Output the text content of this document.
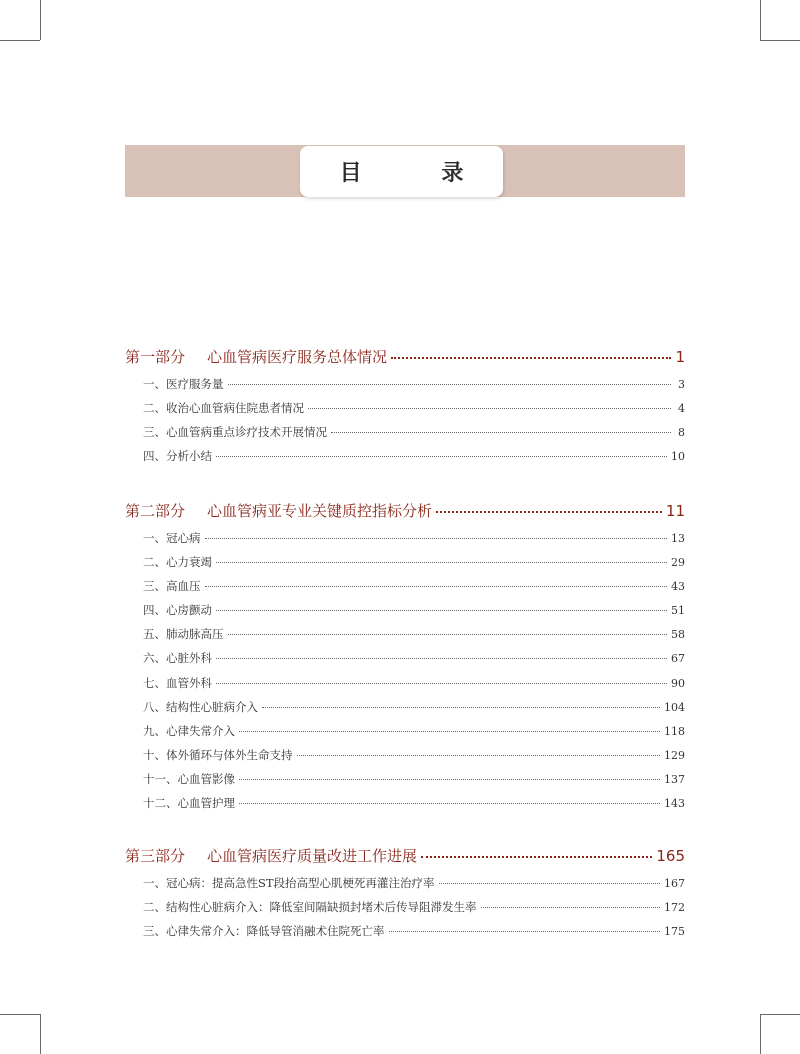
目 录
第一部分 心血管病医疗服务总体情况	1
一、医疗服务量	3
二、收治心血管病住院患者情况	4
三、心血管病重点诊疗技术开展情况	8
四、分析小结	10
第二部分 心血管病亚专业关键质控指标分析	11
一、冠心病	13
二、心力衰竭	29
三、高血压	43
四、心房颤动	51
五、肺动脉高压	58
六、心脏外科	67
七、血管外科	90
八、结构性心脏病介入	104
九、心律失常介入	118
十、体外循环与体外生命支持	129
十一、心血管影像	137
十二、心血管护理	143
第三部分 心血管病医疗质量改进工作进展	165
一、冠心病：提高急性ST段抬高型心肌梗死再灌注治疗率	167
二、结构性心脏病介入：降低室间隔缺损封堵术后传导阻滞发生率	172
三、心律失常介入：降低导管消融术住院死亡率	175
